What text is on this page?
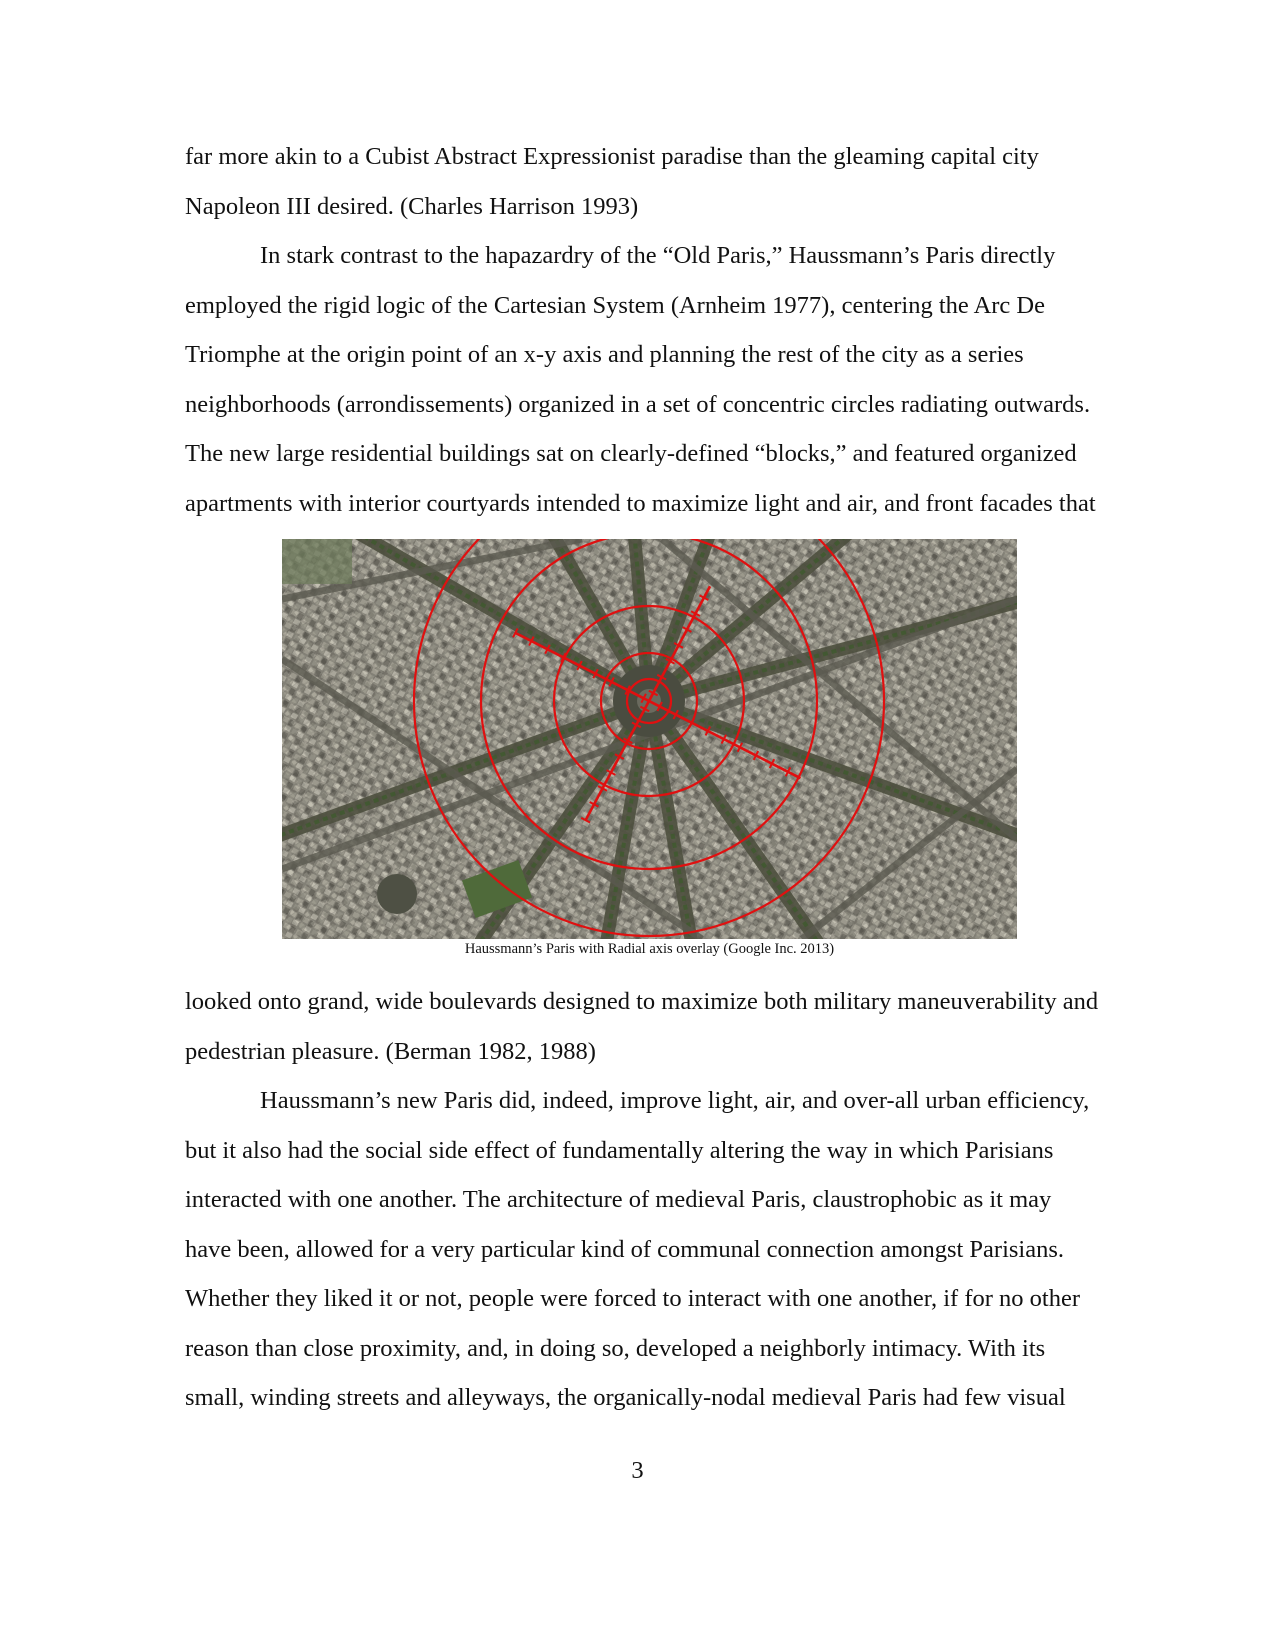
far more akin to a Cubist Abstract Expressionist paradise than the gleaming capital city
Napoleon III desired. (Charles Harrison 1993)

In stark contrast to the hapazardry of the “Old Paris,” Haussmann’s Paris directly
employed the rigid logic of the Cartesian System (Arnheim 1977), centering the Arc De
Triomphe at the origin point of an x-y axis and planning the rest of the city as a series
neighborhoods (arrondissements) organized in a set of concentric circles radiating outwards.
The new large residential buildings sat on clearly-defined “blocks,” and featured organized
apartments with interior courtyards intended to maximize light and air, and front facades that

Haussmann’s Paris with Radial axis overlay (Google Inc. 2013)

looked onto grand, wide boulevards designed to maximize both military maneuverability and
pedestrian pleasure. (Berman 1982, 1988)

Haussmann’s new Paris did, indeed, improve light, air, and over-all urban efficiency,
but it also had the social side effect of fundamentally altering the way in which Parisians
interacted with one another. The architecture of medieval Paris, claustrophobic as it may
have been, allowed for a very particular kind of communal connection amongst Parisians.
Whether they liked it or not, people were forced to interact with one another, if for no other
reason than close proximity, and, in doing so, developed a neighborly intimacy. With its
small, winding streets and alleyways, the organically-nodal medieval Paris had few visual

3
